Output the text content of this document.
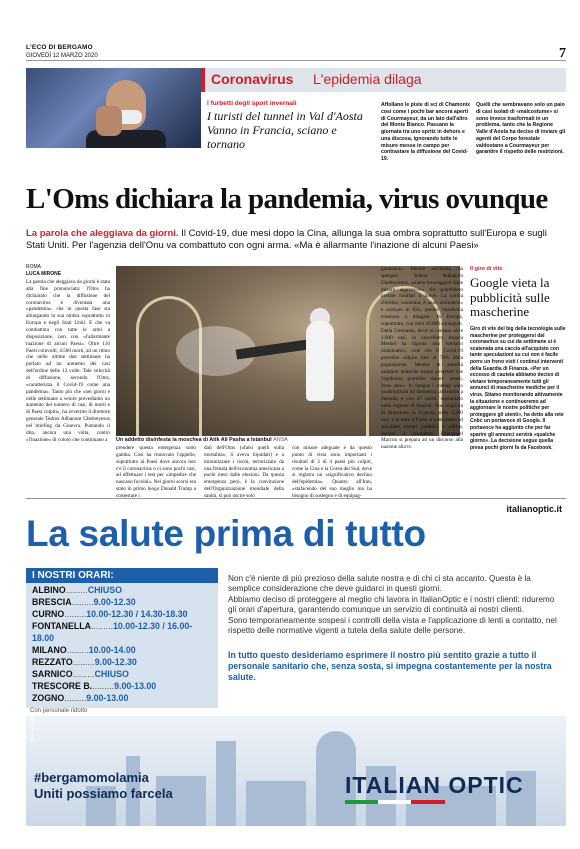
L'ECO DI BERGAMO
GIOVEDÌ 12 MARZO 2020	7
Coronavirus L'epidemia dilaga
I furbetti degli sport invernali
I turisti del tunnel in Val d'Aosta Vanno in Francia, sciano e tornano
Affollano le piste di sci di Chamonix così come i pochi bar ancora aperti di Courmayeur, da un lato dall'altro del Monte Bianco. Passano la giornata tra uno spritz in dehors e una discesa, ignorando tutte le misure messe in campo per contrastare la diffusione del Covid-19.
Quelli che sembravano solo un paio di casi isolati di «malcostume» si sono invece trasformati in un problema, tanto che la Regione Valle d'Aosta ha deciso di inviare gli agenti del Corpo forestale valdostano a Courmayeur per garantire il rispetto delle restrizioni.
L'Oms dichiara la pandemia, virus ovunque
La parola che aleggiava da giorni. Il Covid-19, due mesi dopo la Cina, allunga la sua ombra soprattutto sull'Europa e sugli Stati Uniti. Per l'agenzia dell'Onu va combattuto con ogni arma. «Ma è allarmante l'inazione di alcuni Paesi»
ROMA
LUCA MIRONE
La parola che aleggiava da giorni è stata alla fine pronunciata: l'Oms ha dichiarato che la diffusione del coronavirus è diventata una «pandemia», che in questa fase sta allungando la sua ombra soprattutto in Europa e negli Stati Uniti. E che va combattuta con tutte le armi a disposizione, non con «l'allarmante inazione di alcuni Paesi». Oltre 110 Paesi coinvolti, 4.500 morti, ad un ritmo che nelle ultime due settimane ha portato ad un aumento dei casi dell'ordine delle 13 volte. Tale velocità di diffusione, secondo l'Oms, «caratterizza il Covid-19 come una pandemia». Tanto più che «nei giorni e nelle settimane a venire prevediamo un aumento del numero di casi, di morti e di Paesi colpiti», ha avvertito il direttore generale Tedros Adhanom Ghebreyesus nel briefing da Ginevra. Puntando il dito, ancora una volta, contro «l'inazione» di coloro che continuano a	Un addetto disinfesta la moschea di Atik Ali Pasha a Istanbul ANSA
prendere questa emergenza sotto gamba. Così ha rinnovato l'appello, soprattutto ai Paesi dove ancora non c'è il coronavirus o ci sono pochi casi, ad effettuare i test per «impedire che nascano focolai». Nei giorni scorsi era stato in primo luogo Donald Trump a contestare i
dati dell'Oms («falsi quelli sulla mortalità», li aveva liquidati) e a minimizzare i rischi, terrorizzato da una frenata dell'economia americana a pochi mesi dalle elezioni. Da questa emergenza però, è la convinzione dell'Organizzazione mondiale della sanità, si può uscire solo
con misure adeguate e da questo punto di vista sono importanti i risultati di 2 di 4 paesi più colpiti, come la Cina e la Corea del Sud, dove si registra un «significativo declino dell'epidemia». Quanto all'Iran, «stafacendo del suo meglio ma ha bisogno di sostegno e di equipag-
giamento». Mentre sull'Italia, ha spiegato Tedros Adhanom Ghebreyesus, «siamo incoraggiati dalle misure aggressive» che potrebbero portare risultati a breve. La parola d'ordine, insomma, è «non arrendersi» e sermare le filia, perché l'epidemia continua a dilagare. In Europa, soprattutto, con oltre 20.000 contagiati. Dalla Germania, dove si contano oltre 1.800 casi, la cancelliera Angela Merkel ha dipinto uno scenario drammatico, cioè che il Covid-19 potrebbe colpire fino al 70% della popolazione. Mentre le autorità sanitarie tedesche hanno avvertito che l'epidemia potrebbe durare «mesi, forse anni». In Spagna i contagi sono quadruplicati da domenica, arrivando a duemila e con 47 morti, soprattutto nella regione di Madrid. Non migliora la situazione in Francia, oltre 2.200 casi, e in tutto il Paese si continuano ad annullare eventi pubblici a raffica, mentre il presidente Emmanuel Macron si prepara ad un discorso alla nazione alla tv.
Il giro di vite
Google vieta la pubblicità sulle mascherine
Giro di vite del big della tecnologia sulle mascherine per proteggersi dal coronavirus su cui da settimane si è scatenata una caccia all'acquisto con tante speculazioni su cui non è facile porre un freno visti i continui interventi della Guardia di Finanza. «Per un eccesso di cautela abbiamo deciso di vietare temporaneamente tutti gli annunci di mascherine mediche per il virus. Stiamo monitorando attivamente la situazione e continueremo ad aggiornare le nostre politiche per proteggere gli utenti», ha detto alla rete Cnbc un portavoce di Google. Il portavoce ha aggiunto che per far sparire gli annunci servirà «qualche giorno». La decisione segue quella presa pochi giorni fa da Facebook.
italianoptic.it
La salute prima di tutto
I NOSTRI ORARI:
ALBINO.........CHIUSO
BRESCIA.........9.00-12.30
CURNO.........10.00-12.30 / 14.30-18.30
FONTANELLA.........10.00-12.30 / 16.00-18.00
MILANO.........10.00-14.00
REZZATO.........9.00-12.30
SARNICO.........CHIUSO
TRESCORE B..........9.00-13.00
ZOGNO.........9.00-13.00
Con personale ridotto

Non c'è niente di più prezioso della salute nostra e di chi ci sta accanto. Questa è la semplice considerazione che deve guidarci in questi giorni.

Abbiamo deciso di proteggere al meglio chi lavora in ItalianOptic e i nostri clienti: riduremo gli orari d'apertura, garantendo comunque un servizio di continuità ai nostri clienti.

Sono temporaneamente sospesi i controlli della vista e l'applicazione di lenti a contatto, nel rispetto delle normative vigenti a tutela della salute delle persone.

In tutto questo desideriamo esprimere il nostro più sentito grazie a tutto il personale sanitario che, senza sosta, si impegna costantemente per la nostra salute.
AFFISSIONE
#bergamomolamia
Uniti possiamo farcela	ITALIAN OPTIC
